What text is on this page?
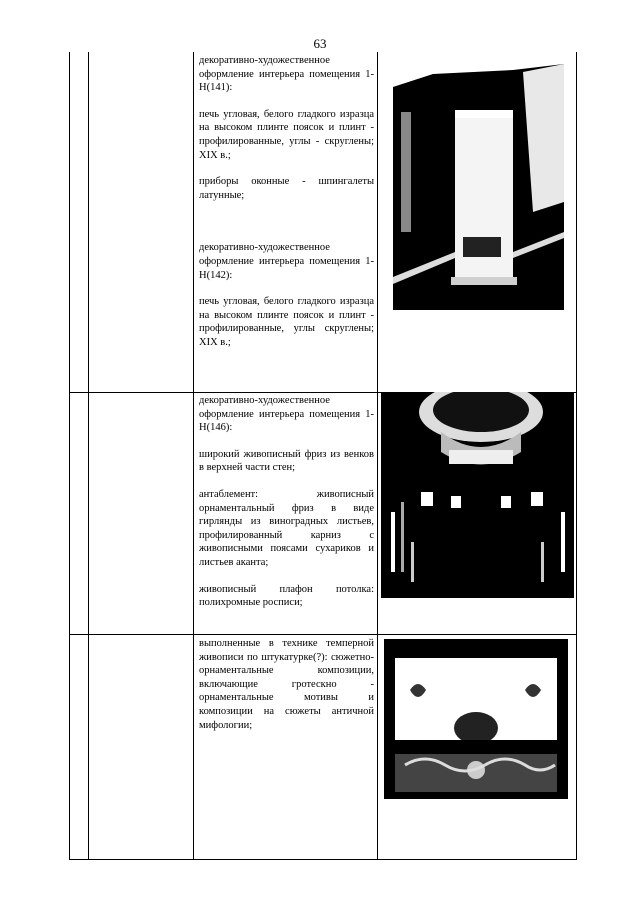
63

декоративно-художественное оформление интерьера помещения 1-Н(141):

печь угловая, белого гладкого изразца на высоком плинте поясок и плинт - профилированные, углы - скруглены; XIX в.;

приборы оконные - шпингалеты латунные;

декоративно-художественное оформление интерьера помещения 1-Н(142):

печь угловая, белого гладкого изразца на высоком плинте поясок и плинт - профилированные, углы скруглены; XIX в.;

декоративно-художественное оформление интерьера помещения 1-Н(146):

широкий живописный фриз из венков в верхней части стен;

антаблемент: живописный орнаментальный фриз в виде гирлянды из виноградных листьев, профилированный карниз с живописными поясами сухариков и листьев аканта;

живописный плафон потолка: полихромные росписи;

выполненные в технике темперной живописи по штукатурке(?): сюжетно-орнаментальные композиции, включающие гротескно - орнаментальные мотивы и композиции на сюжеты античной мифологии;
